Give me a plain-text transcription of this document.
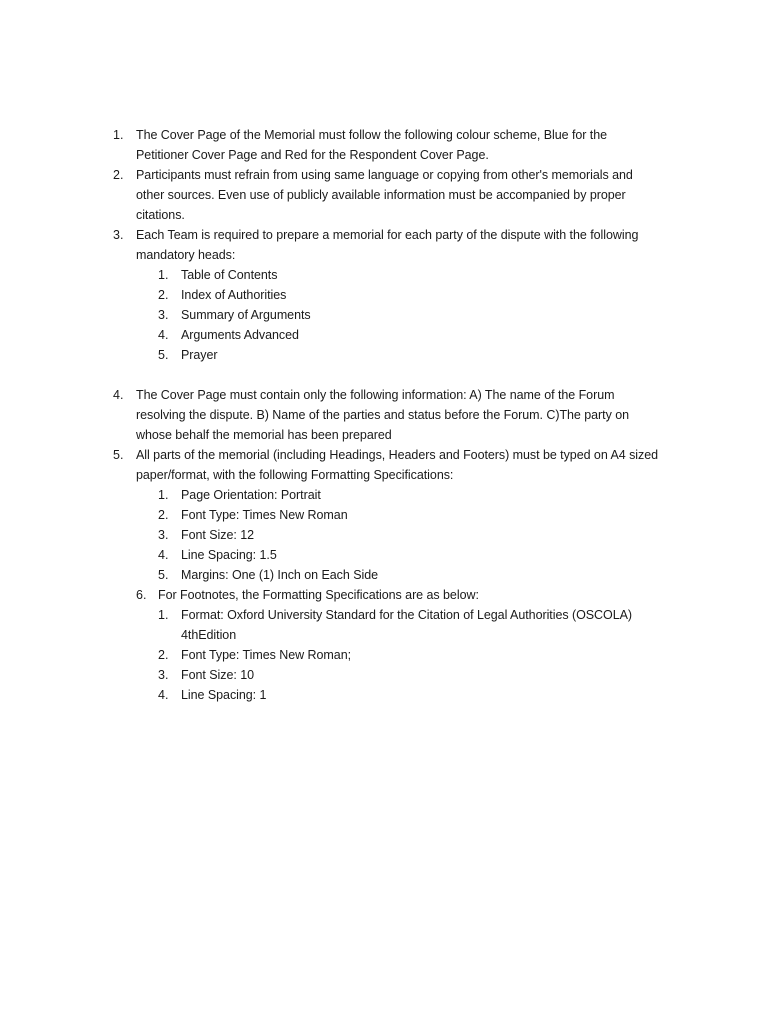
1. The Cover Page of the Memorial must follow the following colour scheme, Blue for the
Petitioner Cover Page and Red for the Respondent Cover Page.
2. Participants must refrain from using same language or copying from other's memorials and
other sources. Even use of publicly available information must be accompanied by proper
citations.
3. Each Team is required to prepare a memorial for each party of the dispute with the following
mandatory heads:
1. Table of Contents
2. Index of Authorities
3. Summary of Arguments
4. Arguments Advanced
5. Prayer
4. The Cover Page must contain only the following information: A) The name of the Forum
resolving the dispute. B) Name of the parties and status before the Forum. C)The party on
whose behalf the memorial has been prepared
5. All parts of the memorial (including Headings, Headers and Footers) must be typed on A4 sized
paper/format, with the following Formatting Specifications:
1. Page Orientation: Portrait
2. Font Type: Times New Roman
3. Font Size: 12
4. Line Spacing: 1.5
5. Margins: One (1) Inch on Each Side
6. For Footnotes, the Formatting Specifications are as below:
1. Format: Oxford University Standard for the Citation of Legal Authorities (OSCOLA)
4thEdition
2. Font Type: Times New Roman;
3. Font Size: 10
4. Line Spacing: 1
